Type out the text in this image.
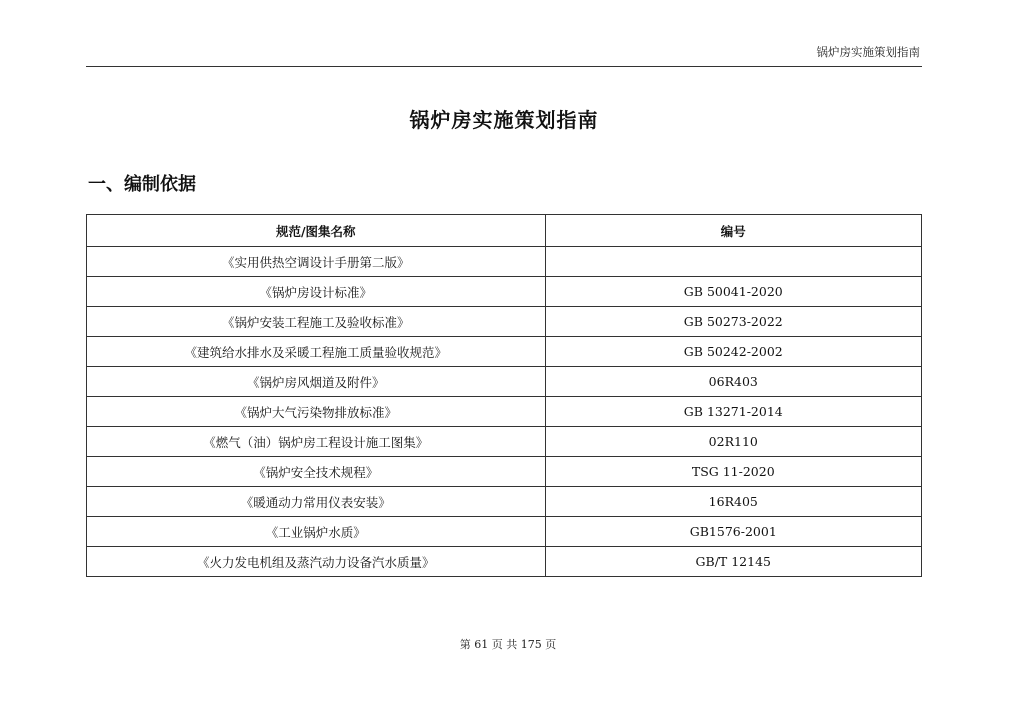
锅炉房实施策划指南
锅炉房实施策划指南
一、编制依据
规范/图集名称	编号
《实用供热空调设计手册第二版》	
《锅炉房设计标准》	GB 50041-2020
《锅炉安装工程施工及验收标准》	GB 50273-2022
《建筑给水排水及采暖工程施工质量验收规范》	GB 50242-2002
《锅炉房风烟道及附件》	06R403
《锅炉大气污染物排放标准》	GB 13271-2014
《燃气（油）锅炉房工程设计施工图集》	02R110
《锅炉安全技术规程》	TSG 11-2020
《暖通动力常用仪表安装》	16R405
《工业锅炉水质》	GB1576-2001
《火力发电机组及蒸汽动力设备汽水质量》	GB/T 12145
第 61 页 共 175 页
